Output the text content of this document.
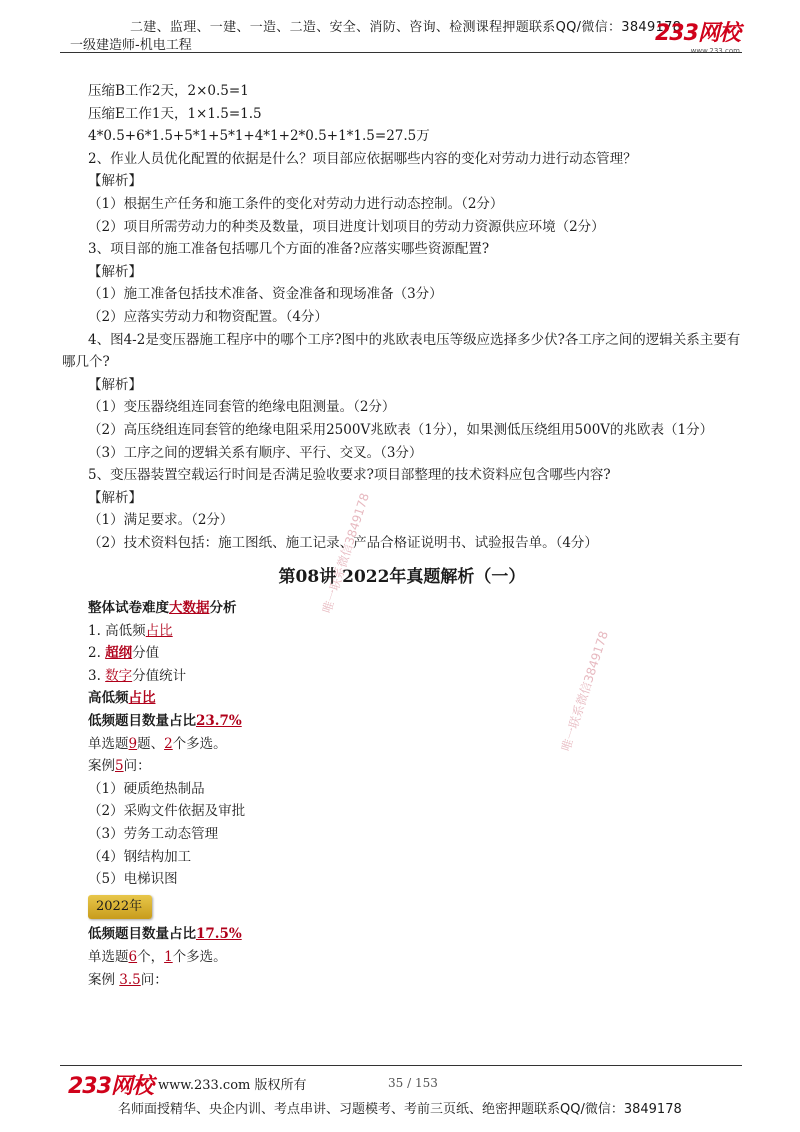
二建、监理、一建、一造、二造、安全、消防、咨询、检测课程押题联系QQ/微信：3849178
一级建造师-机电工程	233网校
www.233.com
唯一联系微信3849178
唯一联系微信3849178
压缩B工作2天，2×0.5=1
压缩E工作1天，1×1.5=1.5
4*0.5+6*1.5+5*1+5*1+4*1+2*0.5+1*1.5=27.5万
2、作业人员优化配置的依据是什么？项目部应依据哪些内容的变化对劳动力进行动态管理？
【解析】
（1）根据生产任务和施工条件的变化对劳动力进行动态控制。（2分）
（2）项目所需劳动力的种类及数量，项目进度计划项目的劳动力资源供应环境（2分）
3、项目部的施工准备包括哪几个方面的准备?应落实哪些资源配置?
【解析】
（1）施工准备包括技术准备、资金准备和现场准备（3分）
（2）应落实劳动力和物资配置。（4分）
4、图4-2是变压器施工程序中的哪个工序?图中的兆欧表电压等级应选择多少伏?各工序之间的逻辑关系主要有哪几个?
【解析】
（1）变压器绕组连同套管的绝缘电阻测量。（2分）
（2）高压绕组连同套管的绝缘电阻采用2500V兆欧表（1分），如果测低压绕组用500V的兆欧表（1分）
（3）工序之间的逻辑关系有顺序、平行、交叉。（3分）
5、变压器装置空载运行时间是否满足验收要求?项目部整理的技术资料应包含哪些内容?
【解析】
（1）满足要求。（2分）
（2）技术资料包括：施工图纸、施工记录、产品合格证说明书、试验报告单。（4分）
第08讲 2022年真题解析（一）
整体试卷难度大数据分析
1. 高低频占比
2. 超纲分值
3. 数字分值统计
高低频占比
低频题目数量占比23.7%
单选题9题、2个多选。
案例5问：
（1）硬质绝热制品
（2）采购文件依据及审批
（3）劳务工动态管理
（4）钢结构加工
（5）电梯识图
2022年
低频题目数量占比17.5%
单选题6个，1个多选。
案例 3.5问：
233网校 www.233.com 版权所有	35 / 153
名师面授精华、央企内训、考点串讲、习题模考、考前三页纸、绝密押题联系QQ/微信：3849178
